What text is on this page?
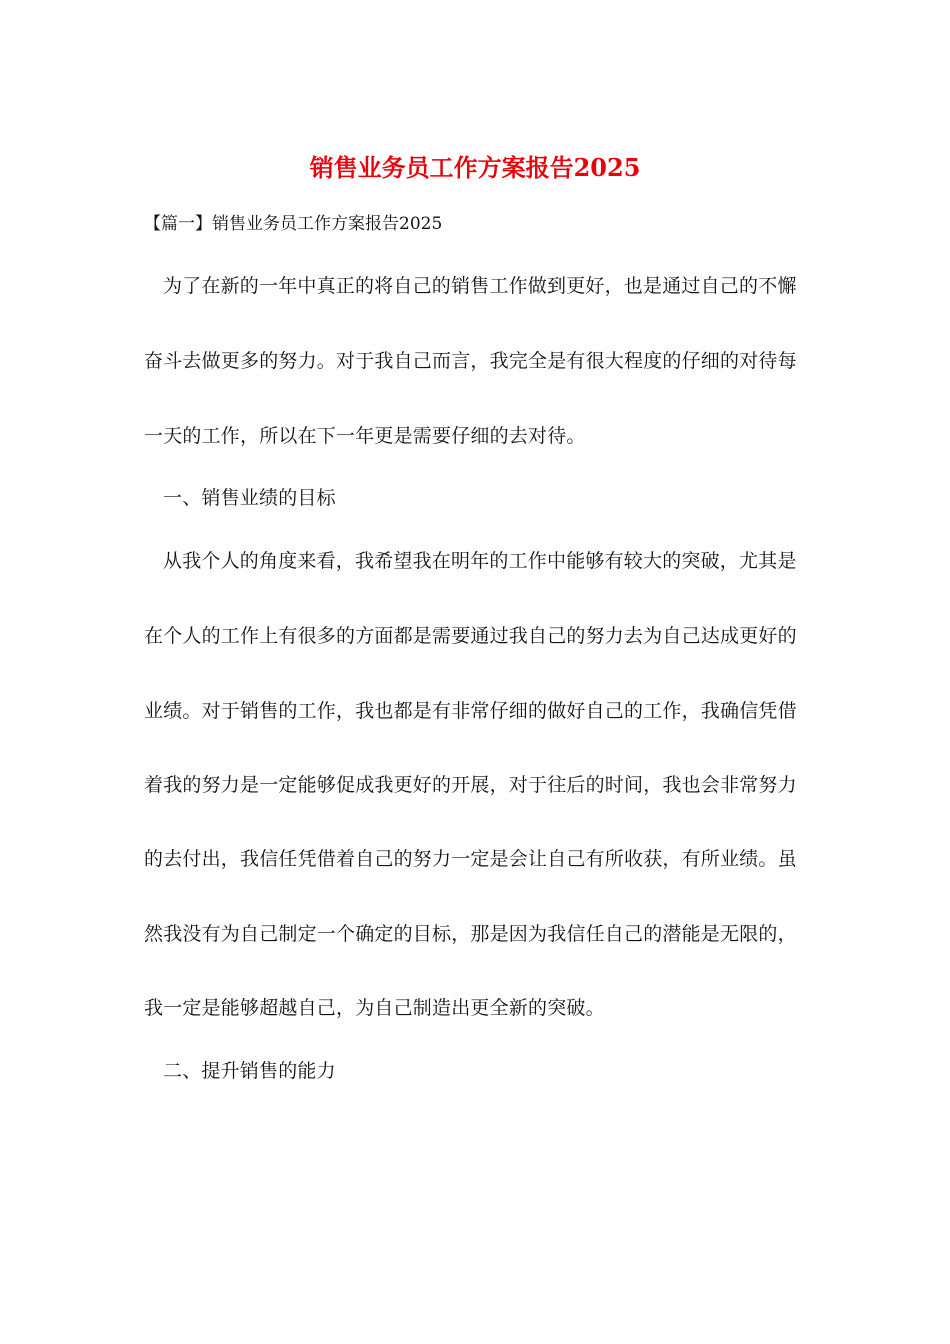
销售业务员工作方案报告2025

【篇一】销售业务员工作方案报告2025

为了在新的一年中真正的将自己的销售工作做到更好，也是通过自己的不懈

奋斗去做更多的努力。对于我自己而言，我完全是有很大程度的仔细的对待每

一天的工作，所以在下一年更是需要仔细的去对待。

一、销售业绩的目标

从我个人的角度来看，我希望我在明年的工作中能够有较大的突破，尤其是

在个人的工作上有很多的方面都是需要通过我自己的努力去为自己达成更好的

业绩。对于销售的工作，我也都是有非常仔细的做好自己的工作，我确信凭借

着我的努力是一定能够促成我更好的开展，对于往后的时间，我也会非常努力

的去付出，我信任凭借着自己的努力一定是会让自己有所收获，有所业绩。虽

然我没有为自己制定一个确定的目标，那是因为我信任自己的潜能是无限的，

我一定是能够超越自己，为自己制造出更全新的突破。

二、提升销售的能力
